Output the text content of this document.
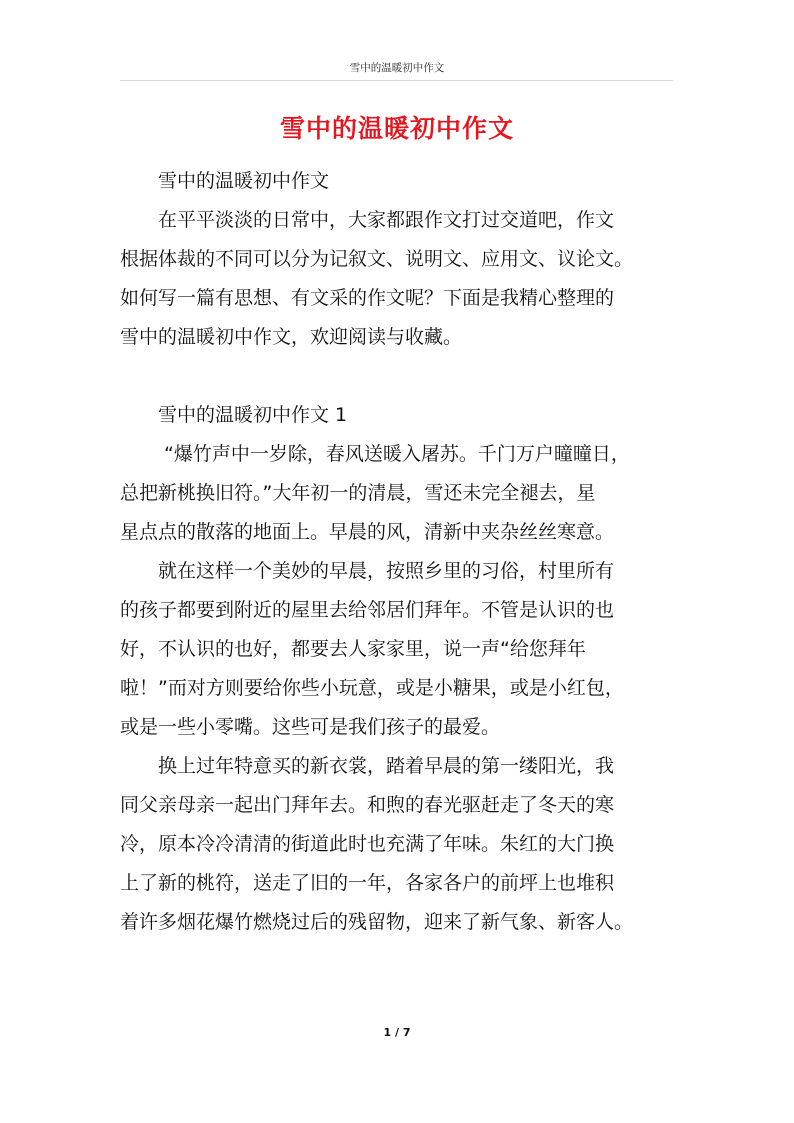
雪中的温暖初中作文
雪中的温暖初中作文
　　雪中的温暖初中作文
　　在平平淡淡的日常中，大家都跟作文打过交道吧，作文
根据体裁的不同可以分为记叙文、说明文、应用文、议论文。
如何写一篇有思想、有文采的作文呢？下面是我精心整理的
雪中的温暖初中作文，欢迎阅读与收藏。
　　雪中的温暖初中作文 1
　　 “爆竹声中一岁除，春风送暖入屠苏。千门万户曈曈日，
总把新桃换旧符。”大年初一的清晨，雪还未完全褪去，星
星点点的散落的地面上。早晨的风，清新中夹杂丝丝寒意。
　　就在这样一个美妙的早晨，按照乡里的习俗，村里所有
的孩子都要到附近的屋里去给邻居们拜年。不管是认识的也
好，不认识的也好，都要去人家家里，说一声“给您拜年
啦！”而对方则要给你些小玩意，或是小糖果，或是小红包，
或是一些小零嘴。这些可是我们孩子的最爱。
　　换上过年特意买的新衣裳，踏着早晨的第一缕阳光，我
同父亲母亲一起出门拜年去。和煦的春光驱赶走了冬天的寒
冷，原本冷冷清清的街道此时也充满了年味。朱红的大门换
上了新的桃符，送走了旧的一年，各家各户的前坪上也堆积
着许多烟花爆竹燃烧过后的残留物，迎来了新气象、新客人。
1 / 7
